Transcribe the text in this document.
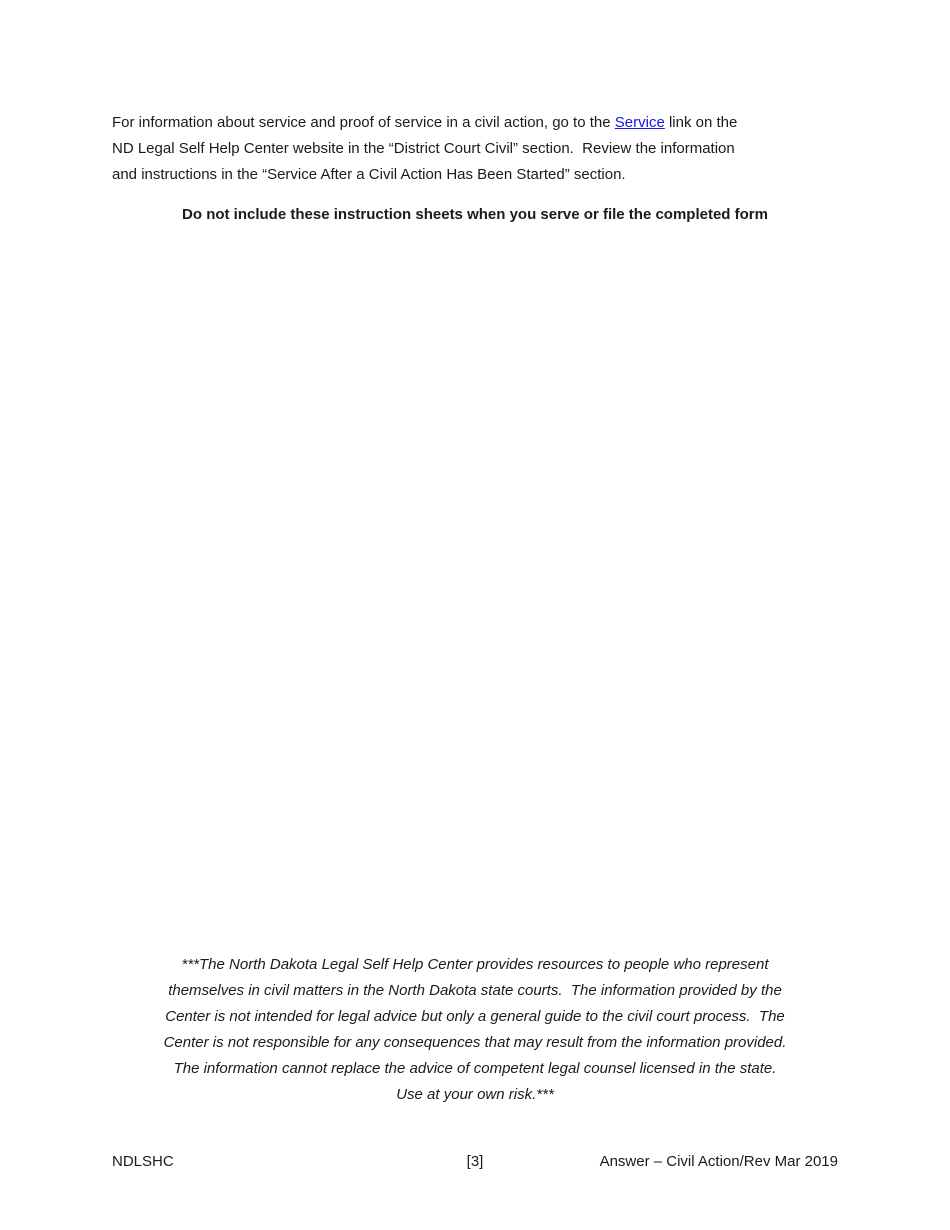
For information about service and proof of service in a civil action, go to the Service link on the
ND Legal Self Help Center website in the “District Court Civil” section.  Review the information
and instructions in the “Service After a Civil Action Has Been Started” section.
Do not include these instruction sheets when you serve or file the completed form
***The North Dakota Legal Self Help Center provides resources to people who represent
themselves in civil matters in the North Dakota state courts.  The information provided by the
Center is not intended for legal advice but only a general guide to the civil court process.  The
Center is not responsible for any consequences that may result from the information provided.
The information cannot replace the advice of competent legal counsel licensed in the state.
Use at your own risk.***
NDLSHC	[3]	Answer – Civil Action/Rev Mar 2019
